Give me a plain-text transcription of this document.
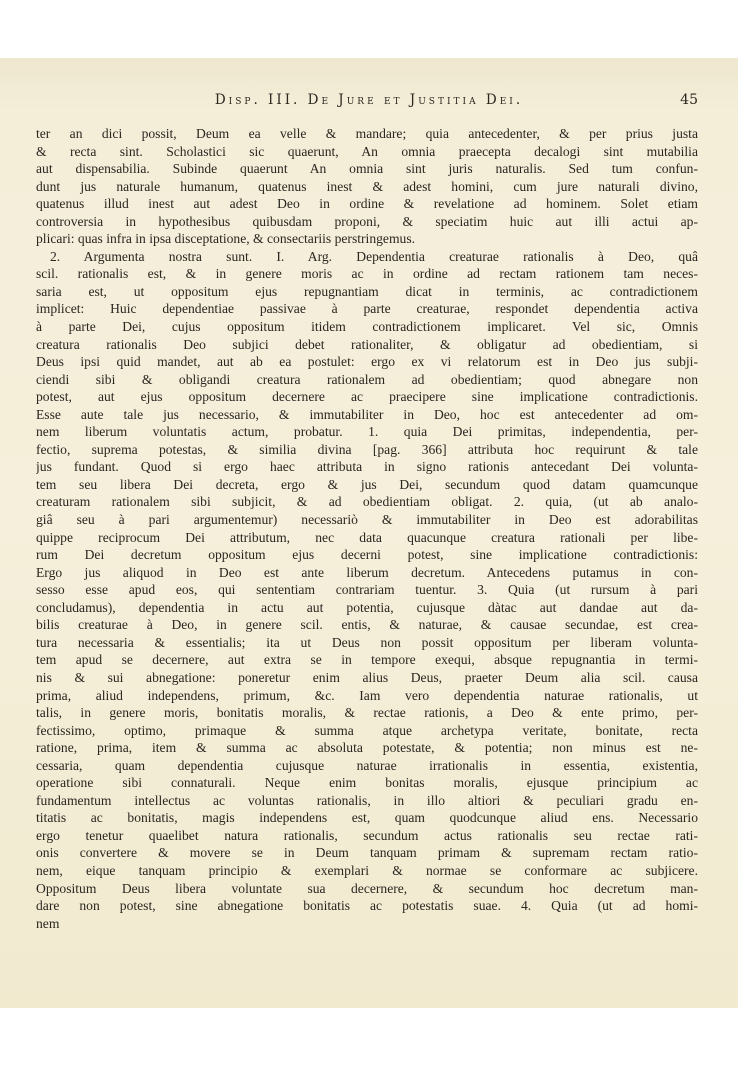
Disp. III. De Jure et Justitia Dei.	45
ter an dici possit, Deum ea velle & mandare; quia antecedenter, & per prius justa
& recta sint. Scholastici sic quaerunt, An omnia praecepta decalogi sint mutabilia
aut dispensabilia. Subinde quaerunt An omnia sint juris naturalis. Sed tum confun-
dunt jus naturale humanum, quatenus inest & adest homini, cum jure naturali divino,
quatenus illud inest aut adest Deo in ordine & revelatione ad hominem. Solet etiam
controversia in hypothesibus quibusdam proponi, & speciatim huic aut illi actui ap-
plicari: quas infra in ipsa disceptatione, & consectariis perstringemus.
2. Argumenta nostra sunt. I. Arg. Dependentia creaturae rationalis à Deo, quâ
scil. rationalis est, & in genere moris ac in ordine ad rectam rationem tam neces-
saria est, ut oppositum ejus repugnantiam dicat in terminis, ac contradictionem
implicet: Huic dependentiae passivae à parte creaturae, respondet dependentia activa
à parte Dei, cujus oppositum itidem contradictionem implicaret. Vel sic, Omnis
creatura rationalis Deo subjici debet rationaliter, & obligatur ad obedientiam, si
Deus ipsi quid mandet, aut ab ea postulet: ergo ex vi relatorum est in Deo jus subji-
ciendi sibi & obligandi creatura rationalem ad obedientiam; quod abnegare non
potest, aut ejus oppositum decernere ac praecipere sine implicatione contradictionis.
Esse aute tale jus necessario, & immutabiliter in Deo, hoc est antecedenter ad om-
nem liberum voluntatis actum, probatur. 1. quia Dei primitas, independentia, per-
fectio, suprema potestas, & similia divina [pag. 366] attributa hoc requirunt & tale
jus fundant. Quod si ergo haec attributa in signo rationis antecedant Dei volunta-
tem seu libera Dei decreta, ergo & jus Dei, secundum quod datam quamcunque
creaturam rationalem sibi subjicit, & ad obedientiam obligat. 2. quia, (ut ab analo-
giâ seu à pari argumentemur) necessariò & immutabiliter in Deo est adorabilitas
quippe reciprocum Dei attributum, nec data quacunque creatura rationali per libe-
rum Dei decretum oppositum ejus decerni potest, sine implicatione contradictionis:
Ergo jus aliquod in Deo est ante liberum decretum. Antecedens putamus in con-
sesso esse apud eos, qui sententiam contrariam tuentur. 3. Quia (ut rursum à pari
concludamus), dependentia in actu aut potentia, cujusque dàtac aut dandae aut da-
bilis creaturae à Deo, in genere scil. entis, & naturae, & causae secundae, est crea-
tura necessaria & essentialis; ita ut Deus non possit oppositum per liberam volunta-
tem apud se decernere, aut extra se in tempore exequi, absque repugnantia in termi-
nis & sui abnegatione: poneretur enim alius Deus, praeter Deum alia scil. causa
prima, aliud independens, primum, &c. Iam vero dependentia naturae rationalis, ut
talis, in genere moris, bonitatis moralis, & rectae rationis, a Deo & ente primo, per-
fectissimo, optimo, primaque & summa atque archetypa veritate, bonitate, recta
ratione, prima, item & summa ac absoluta potestate, & potentia; non minus est ne-
cessaria, quam dependentia cujusque naturae irrationalis in essentia, existentia,
operatione sibi connaturali. Neque enim bonitas moralis, ejusque principium ac
fundamentum intellectus ac voluntas rationalis, in illo altiori & peculiari gradu en-
titatis ac bonitatis, magis independens est, quam quodcunque aliud ens. Necessario
ergo tenetur quaelibet natura rationalis, secundum actus rationalis seu rectae rati-
onis convertere & movere se in Deum tanquam primam & supremam rectam ratio-
nem, eique tanquam principio & exemplari & normae se conformare ac subjicere.
Oppositum Deus libera voluntate sua decernere, & secundum hoc decretum man-
dare non potest, sine abnegatione bonitatis ac potestatis suae. 4. Quia (ut ad homi-
nem
